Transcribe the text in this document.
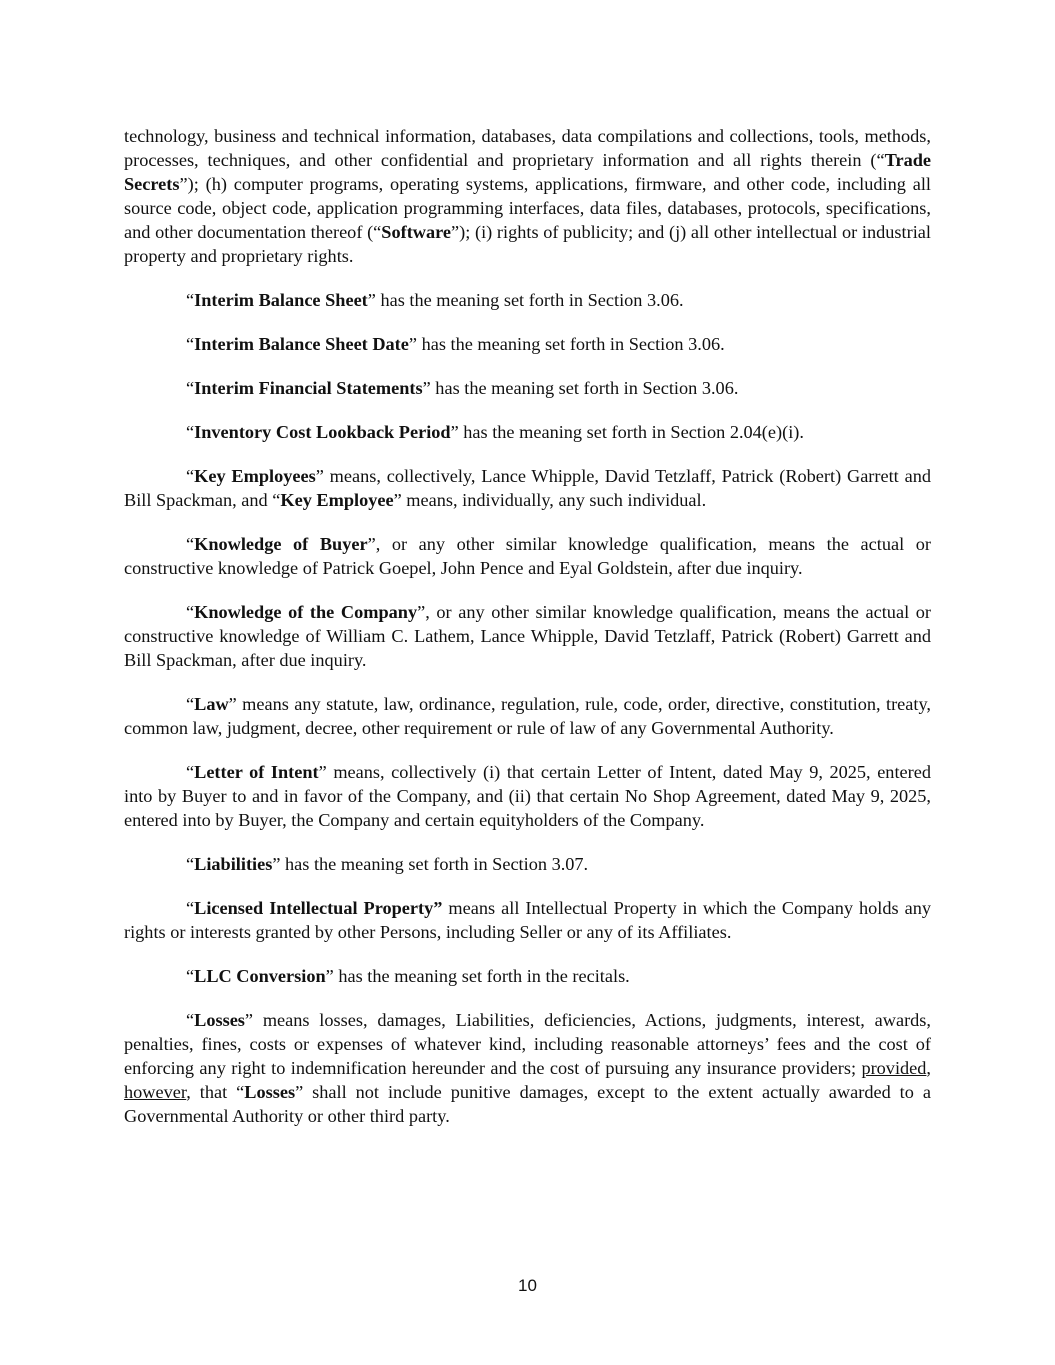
technology, business and technical information, databases, data compilations and collections, tools, methods, processes, techniques, and other confidential and proprietary information and all rights therein (“Trade Secrets”); (h) computer programs, operating systems, applications, firmware, and other code, including all source code, object code, application programming interfaces, data files, databases, protocols, specifications, and other documentation thereof (“Software”); (i) rights of publicity; and (j) all other intellectual or industrial property and proprietary rights.

“Interim Balance Sheet” has the meaning set forth in Section 3.06.

“Interim Balance Sheet Date” has the meaning set forth in Section 3.06.

“Interim Financial Statements” has the meaning set forth in Section 3.06.

“Inventory Cost Lookback Period” has the meaning set forth in Section 2.04(e)(i).

“Key Employees” means, collectively, Lance Whipple, David Tetzlaff, Patrick (Robert) Garrett and Bill Spackman, and “Key Employee” means, individually, any such individual.

“Knowledge of Buyer”, or any other similar knowledge qualification, means the actual or constructive knowledge of Patrick Goepel, John Pence and Eyal Goldstein, after due inquiry.

“Knowledge of the Company”, or any other similar knowledge qualification, means the actual or constructive knowledge of William C. Lathem, Lance Whipple, David Tetzlaff, Patrick (Robert) Garrett and Bill Spackman, after due inquiry.

“Law” means any statute, law, ordinance, regulation, rule, code, order, directive, constitution, treaty, common law, judgment, decree, other requirement or rule of law of any Governmental Authority.

“Letter of Intent” means, collectively (i) that certain Letter of Intent, dated May 9, 2025, entered into by Buyer to and in favor of the Company, and (ii) that certain No Shop Agreement, dated May 9, 2025, entered into by Buyer, the Company and certain equityholders of the Company.

“Liabilities” has the meaning set forth in Section 3.07.

“Licensed Intellectual Property” means all Intellectual Property in which the Company holds any rights or interests granted by other Persons, including Seller or any of its Affiliates.

“LLC Conversion” has the meaning set forth in the recitals.

“Losses” means losses, damages, Liabilities, deficiencies, Actions, judgments, interest, awards, penalties, fines, costs or expenses of whatever kind, including reasonable attorneys’ fees and the cost of enforcing any right to indemnification hereunder and the cost of pursuing any insurance providers; provided, however, that “Losses” shall not include punitive damages, except to the extent actually awarded to a Governmental Authority or other third party.

10
